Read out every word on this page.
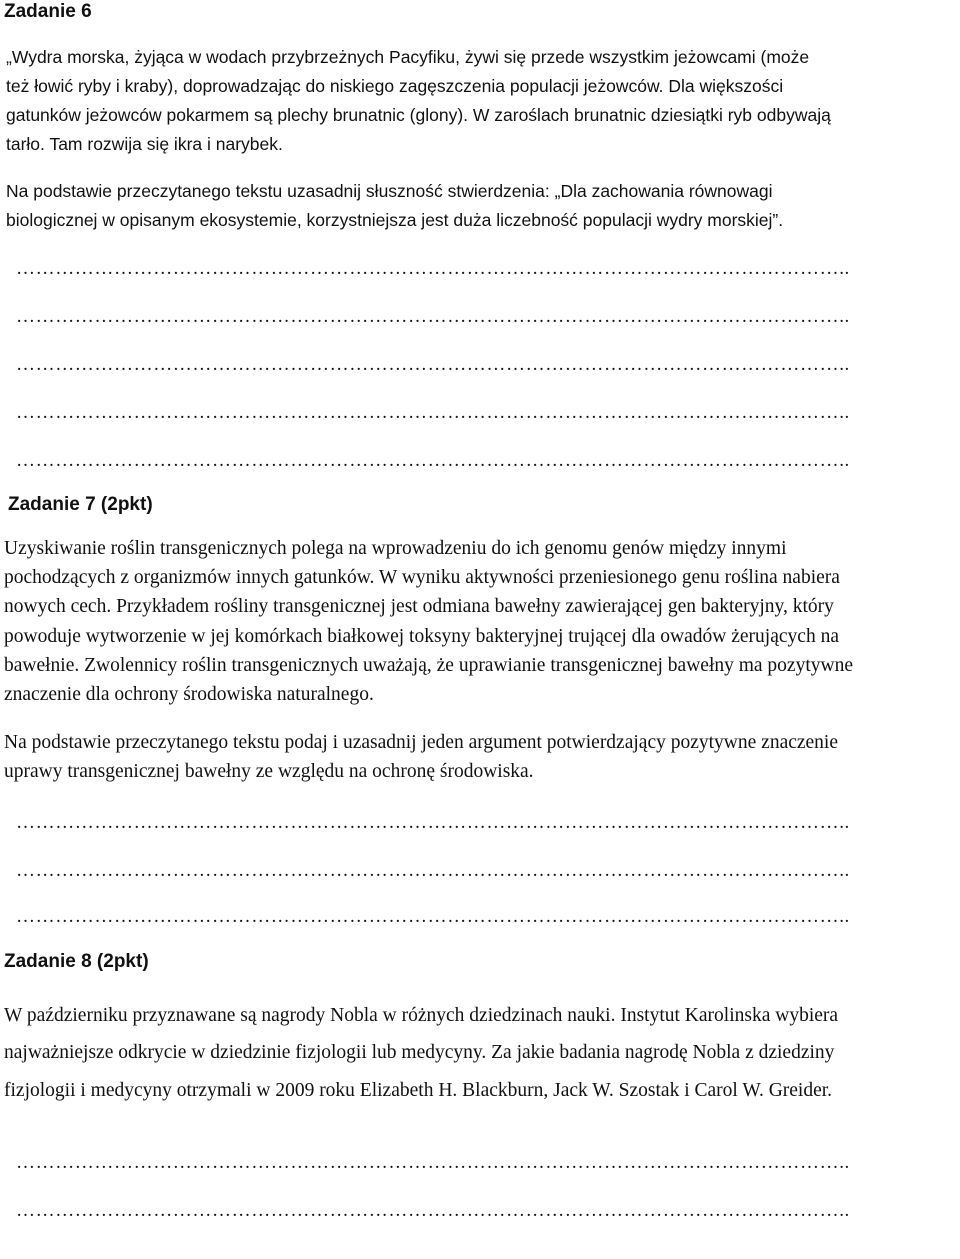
Zadanie 6
„Wydra morska, żyjąca w wodach przybrzeżnych Pacyfiku, żywi się przede wszystkim jeżowcami (może
też łowić ryby i kraby), doprowadzając do niskiego zagęszczenia populacji jeżowców. Dla większości
gatunków jeżowców pokarmem są plechy brunatnic (glony). W zaroślach brunatnic dziesiątki ryb odbywają
tarło. Tam rozwija się ikra i narybek.
Na podstawie przeczytanego tekstu uzasadnij słuszność stwierdzenia: „Dla zachowania równowagi
biologicznej w opisanym ekosystemie, korzystniejsza jest duża liczebność populacji wydry morskiej”.
………………………………………………………………………………………………………………..
………………………………………………………………………………………………………………..
………………………………………………………………………………………………………………..
………………………………………………………………………………………………………………..
………………………………………………………………………………………………………………..
Zadanie 7 (2pkt)
Uzyskiwanie roślin transgenicznych polega na wprowadzeniu do ich genomu genów między innymi
pochodzących z organizmów innych gatunków. W wyniku aktywności przeniesionego genu roślina nabiera
nowych cech. Przykładem rośliny transgenicznej jest odmiana bawełny zawierającej gen bakteryjny, który
powoduje wytworzenie w jej komórkach białkowej toksyny bakteryjnej trującej dla owadów żerujących na
bawełnie. Zwolennicy roślin transgenicznych uważają, że uprawianie transgenicznej bawełny ma pozytywne
znaczenie dla ochrony środowiska naturalnego.
Na podstawie przeczytanego tekstu podaj i uzasadnij jeden argument potwierdzający pozytywne znaczenie
uprawy transgenicznej bawełny ze względu na ochronę środowiska.
………………………………………………………………………………………………………………..
………………………………………………………………………………………………………………..
………………………………………………………………………………………………………………..
Zadanie 8 (2pkt)
W październiku przyznawane są nagrody Nobla w różnych dziedzinach nauki. Instytut Karolinska wybiera
najważniejsze odkrycie w dziedzinie fizjologii lub medycyny. Za jakie badania nagrodę Nobla z dziedziny
fizjologii i medycyny otrzymali w 2009 roku Elizabeth H. Blackburn, Jack W. Szostak i Carol W. Greider.
………………………………………………………………………………………………………………..
………………………………………………………………………………………………………………..
